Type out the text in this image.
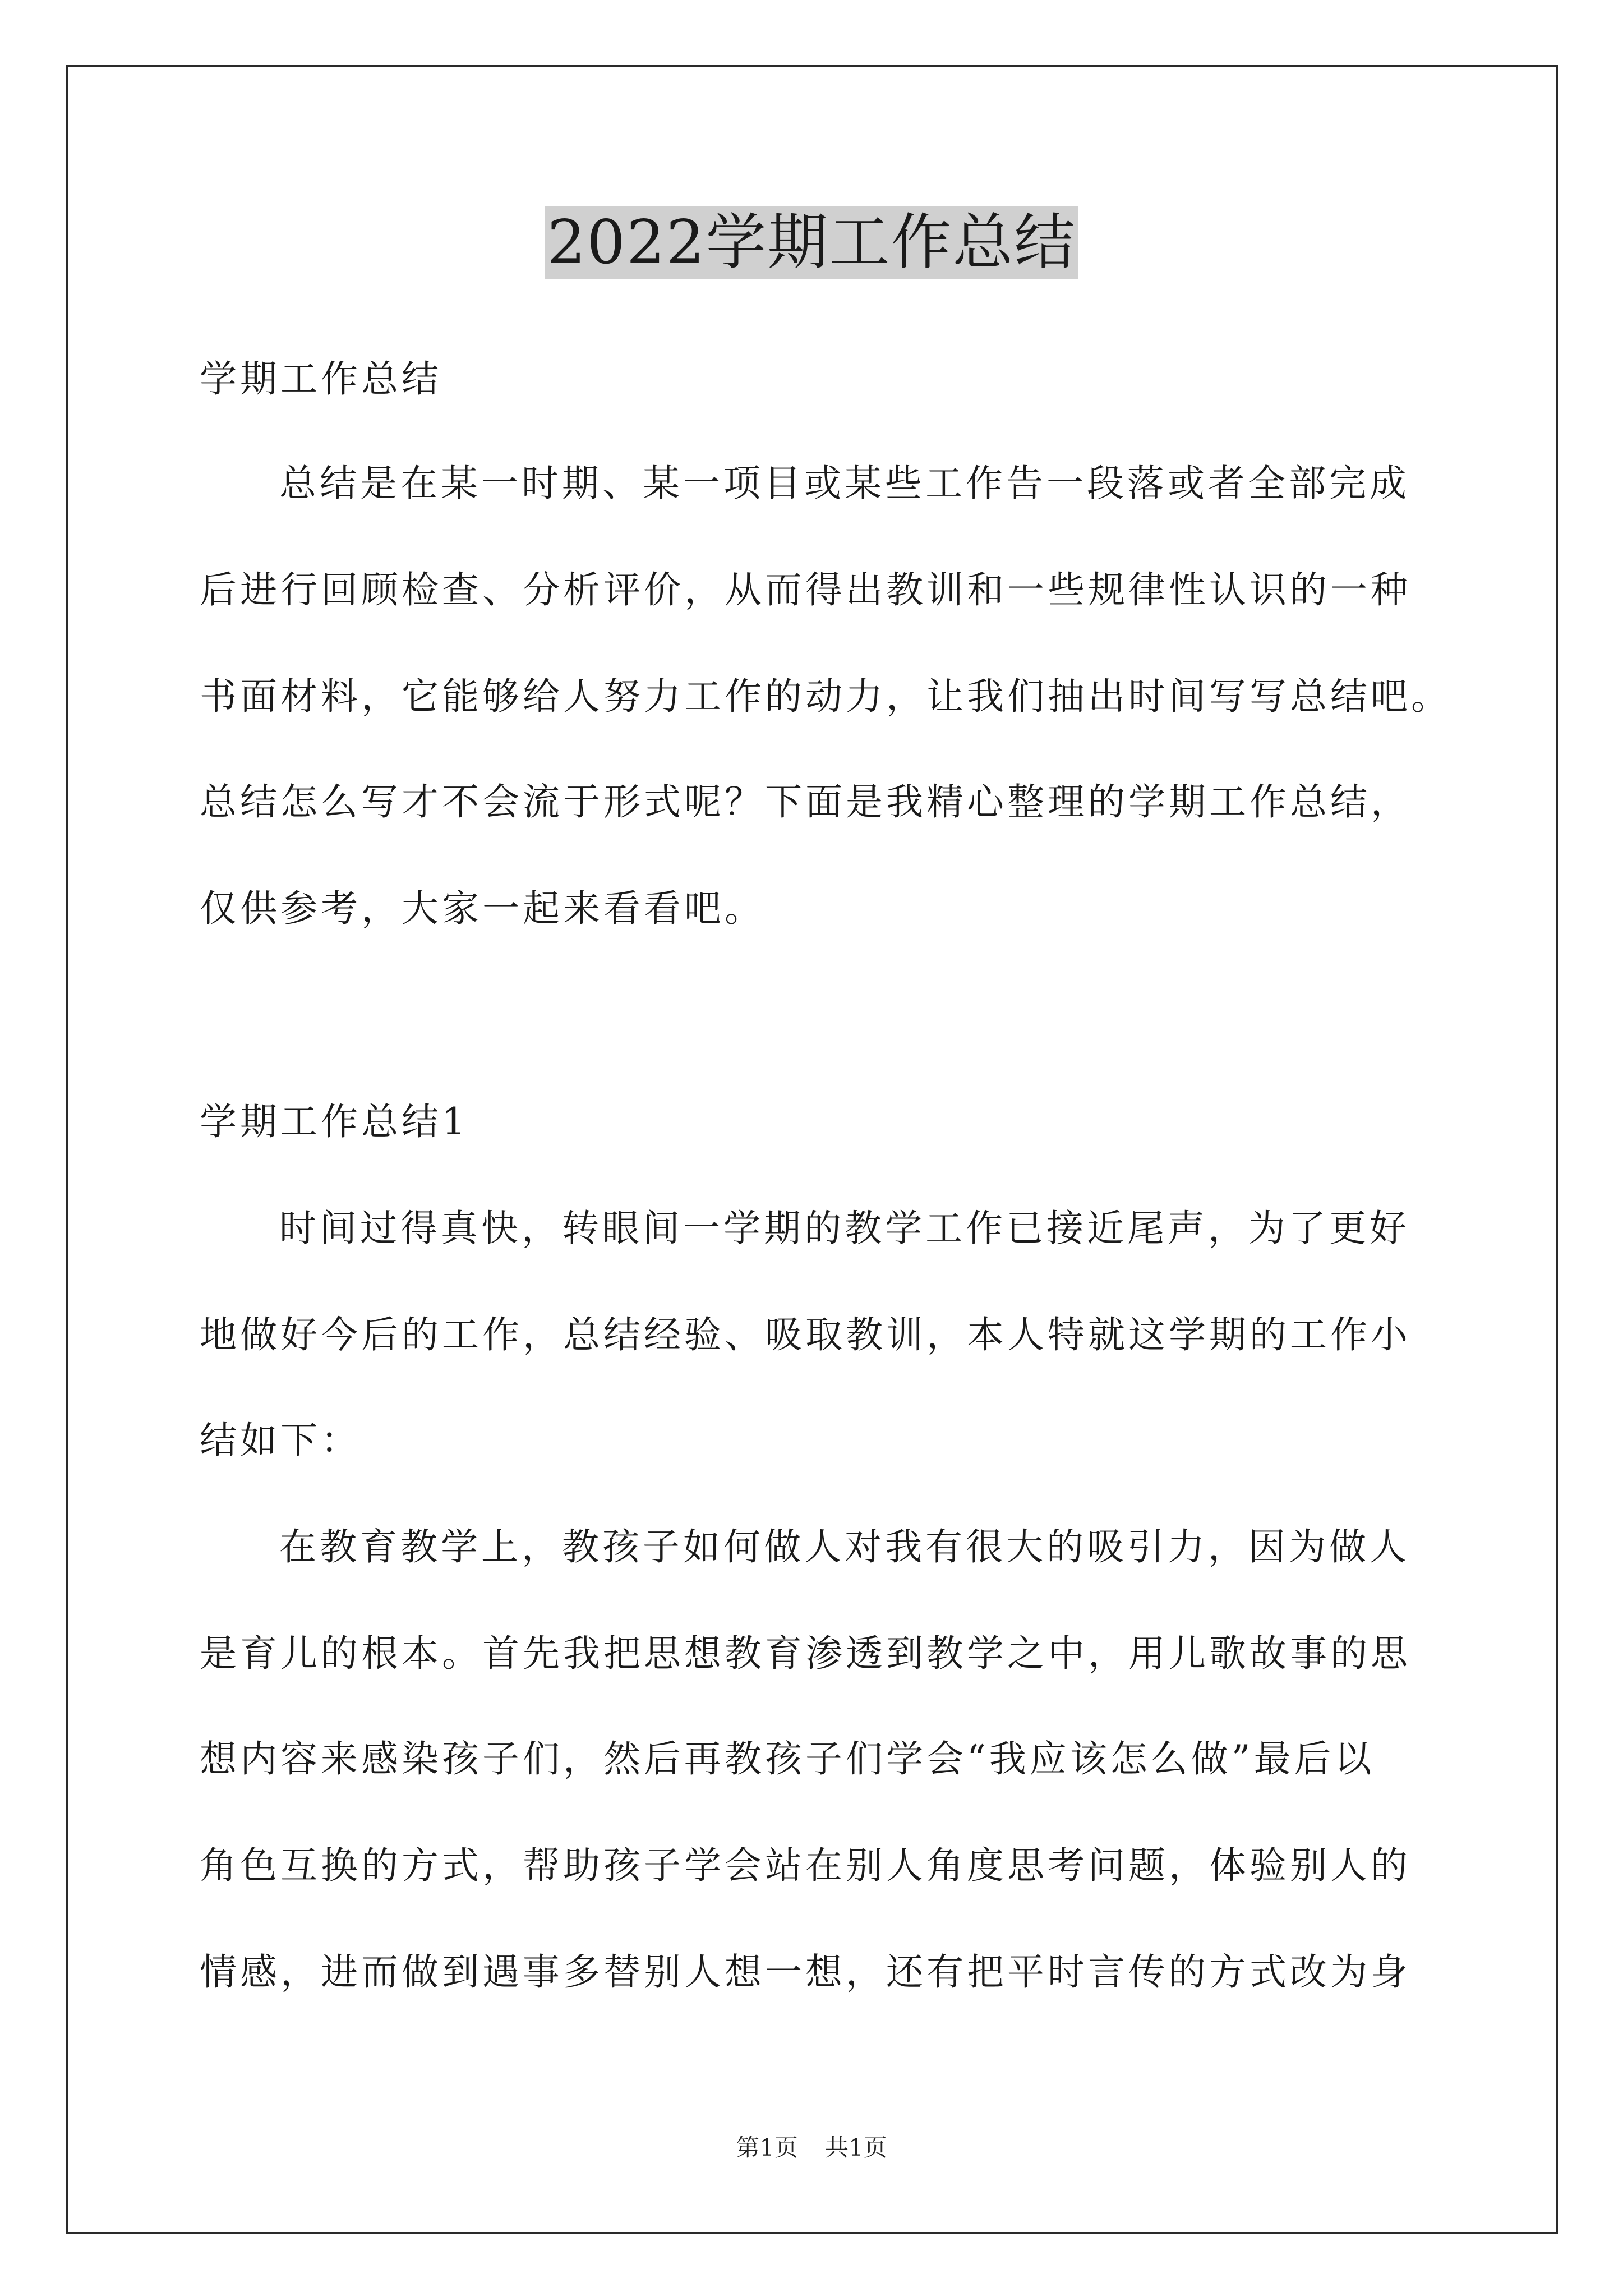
2022学期工作总结
学期工作总结
总结是在某一时期、某一项目或某些工作告一段落或者全部完成
后进行回顾检查、分析评价，从而得出教训和一些规律性认识的一种
书面材料，它能够给人努力工作的动力，让我们抽出时间写写总结吧。
总结怎么写才不会流于形式呢？下面是我精心整理的学期工作总结，
仅供参考，大家一起来看看吧。
学期工作总结1
时间过得真快，转眼间一学期的教学工作已接近尾声，为了更好
地做好今后的工作，总结经验、吸取教训，本人特就这学期的工作小
结如下：
在教育教学上，教孩子如何做人对我有很大的吸引力，因为做人
是育儿的根本。首先我把思想教育渗透到教学之中，用儿歌故事的思
想内容来感染孩子们，然后再教孩子们学会“我应该怎么做”最后以
角色互换的方式，帮助孩子学会站在别人角度思考问题，体验别人的
情感，进而做到遇事多替别人想一想，还有把平时言传的方式改为身
第1页 共1页
